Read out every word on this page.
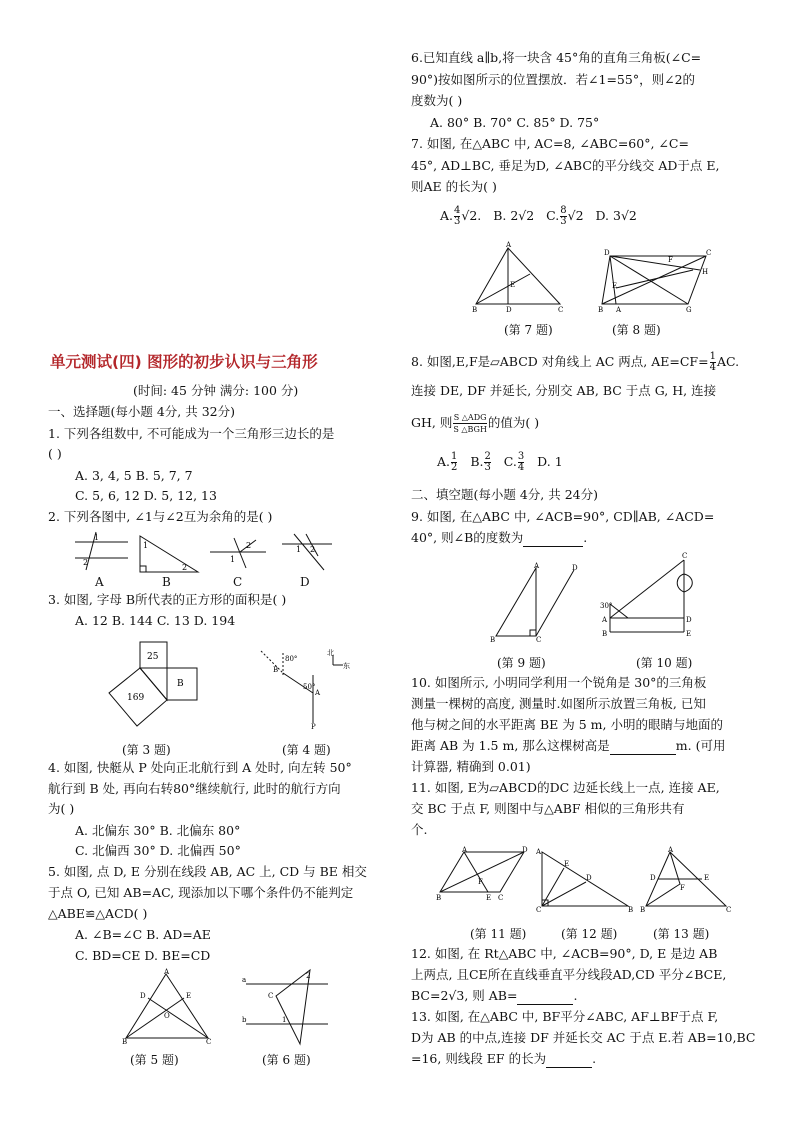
6.已知直线 a∥b,将一块含 45°角的直角三角板(∠C=
90°)按如图所示的位置摆放．若∠1=55°，则∠2的
度数为( )
A. 80° B. 70° C. 85° D. 75°
7. 如图, 在△ABC 中, AC=8, ∠ABC=60°, ∠C=
45°, AD⊥BC, 垂足为D, ∠ABC的平分线交 AD于点 E,
则AE 的长为( )
A. $\frac{4}{3} √2$. B. 2√2 C. $\frac{8}{3} √2$ D. 3√2
A
B	D	C
E
D	C
B	G
E
F
H
A
(第 7 题)	(第 8 题)
单元测试(四) 图形的初步认识与三角形
(时间: 45 分钟 满分: 100 分)
一、选择题(每小题 4分, 共 32分)
1. 下列各组数中, 不可能成为一个三角形三边长的是
( )
A. 3, 4, 5 B. 5, 7, 7
C. 5, 6, 12 D. 5, 12, 13
2. 下列各图中, ∠1与∠2互为余角的是( )
2
1
1
2
1
2	1 2
A	B	C	D
3. 如图, 字母 B所代表的正方形的面积是( )
A. 12 B. 144 C. 13 D. 194
25
169
B
B
80°
50°
A
P
北
东
(第 3 题)	(第 4 题)
4. 如图, 快艇从 P 处向正北航行到 A 处时, 向左转 50°
航行到 B 处, 再向右转80°继续航行, 此时的航行方向
为( )
A. 北偏东 30° B. 北偏东 80°
C. 北偏西 30° D. 北偏西 50°
5. 如图, 点 D, E 分别在线段 AB, AC 上, CD 与 BE 相交
于点 O, 已知 AB=AC, 现添加以下哪个条件仍不能判定
△ABE≌△ACD( )
A. ∠B=∠C B. AD=AE
C. BD=CE D. BE=CD
A
D	E
O
B	C
a
b
C
2
1
(第 5 题)	(第 6 题)
8. 如图,E,F是▱ABCD 对角线上 AC 两点, $AE=CF= \frac{1}{4}$ AC.
连接 DE, DF 并延长, 分别交 AB, BC 于点 G, H, 连接
GH, 则 $\frac{\text{S △ADG}}{\text{S △BGH}}$ 的值为( )
A. $\frac{1}{2} B$. $\frac{2}{3} C$. $\frac{3}{4} D$. 1
二、填空题(每小题 4分, 共 24分)
9. 如图, 在△ABC 中, ∠ACB=90°, CD∥AB, ∠ACD=
40°, 则∠B的度数为	.
A	D
B	C
C
A
B	E
D
30°
(第 9 题)	(第 10 题)
10. 如图所示, 小明同学利用一个锐角是 30°的三角板
测量一棵树的高度, 测量时.如图所示放置三角板, 已知
他与树之间的水平距离 BE 为 5 m, 小明的眼睛与地面的
距离 AB 为 1.5 m, 那么这棵树高是	m. (可用
计算器, 精确到 0.01)
11. 如图, E为▱ABCD的DC 边延长线上一点, 连接 AE,
交 BC 于点 F, 则图中与△ABF 相似的三角形共有
个.
A	D
B	C
F
E
A
E
D
C	B
A
D	E
F
B	C
(第 11 题)	(第 12 题)	(第 13 题)
12. 如图, 在 Rt△ABC 中, ∠ACB=90°, D, E 是边 AB
上两点, 且CE所在直线垂直平分线段AD,CD 平分∠BCE,
BC=2√3, 则 AB=	.
13. 如图, 在△ABC 中, BF平分∠ABC, AF⊥BF于点 F,
D为 AB 的中点,连接 DF 并延长交 AC 于点 E.若 AB=10,BC
=16, 则线段 EF 的长为	.
